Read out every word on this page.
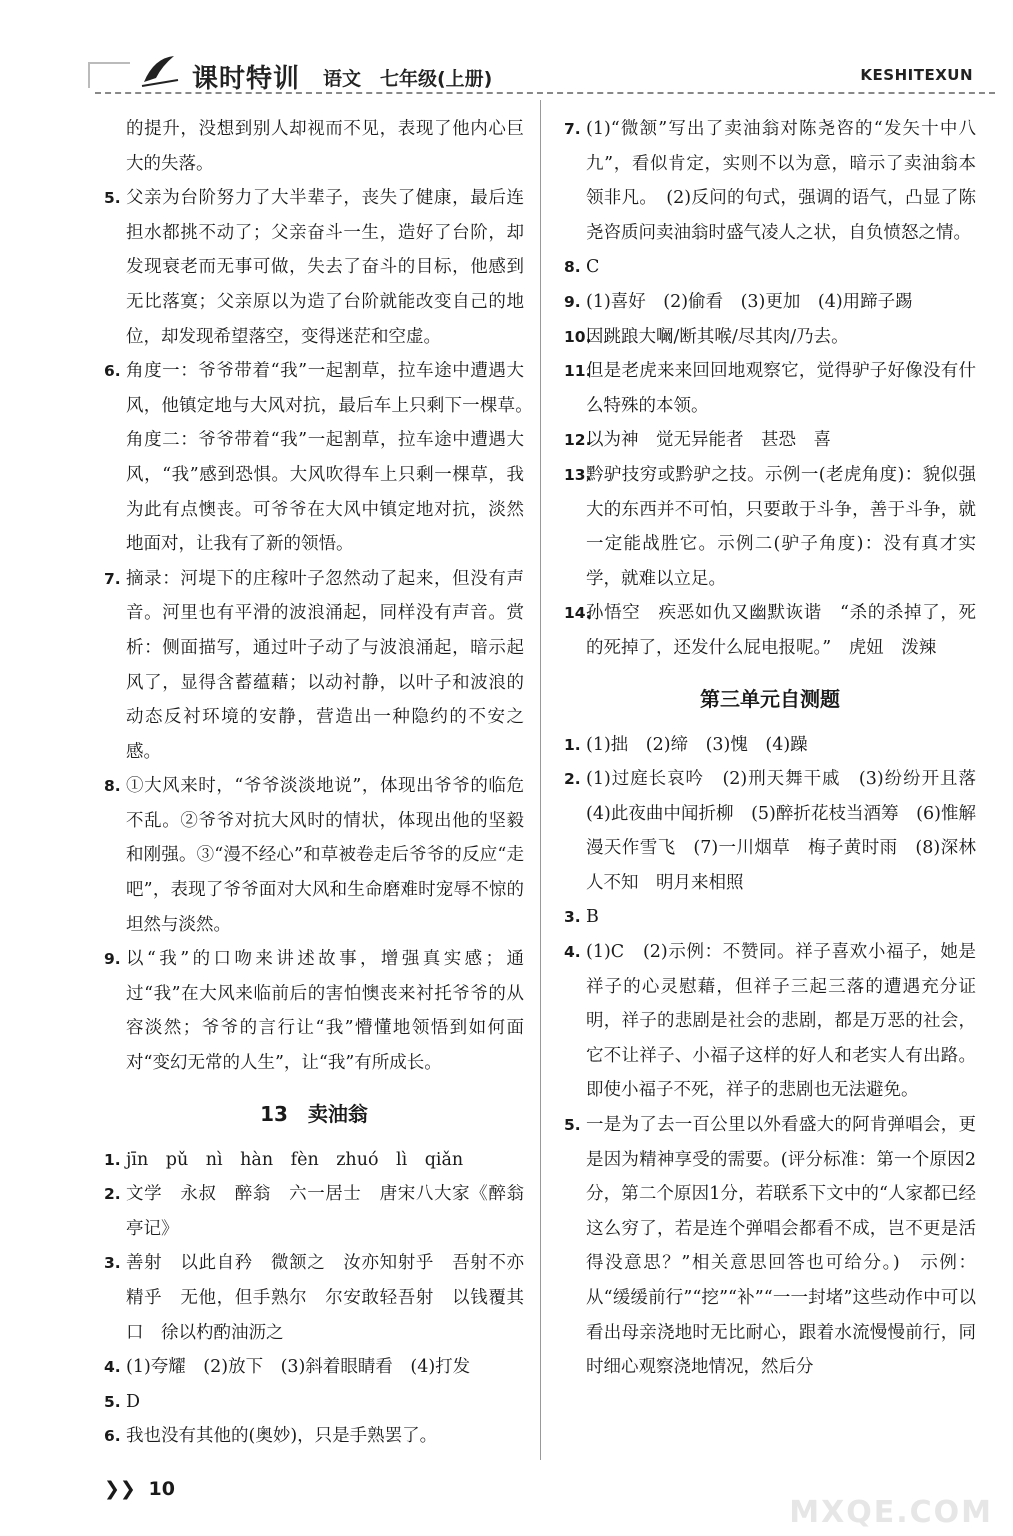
课时特训 语文　七年级(上册)	KESHITEXUN
的提升，没想到别人却视而不见，表现了他内心巨大的失落。
5. 父亲为台阶努力了大半辈子，丧失了健康，最后连担水都挑不动了；父亲奋斗一生，造好了台阶，却发现衰老而无事可做，失去了奋斗的目标，他感到无比落寞；父亲原以为造了台阶就能改变自己的地位，却发现希望落空，变得迷茫和空虚。
6. 角度一：爷爷带着“我”一起割草，拉车途中遭遇大风，他镇定地与大风对抗，最后车上只剩下一棵草。　角度二：爷爷带着“我”一起割草，拉车途中遭遇大风，“我”感到恐惧。大风吹得车上只剩一棵草，我为此有点懊丧。可爷爷在大风中镇定地对抗，淡然地面对，让我有了新的领悟。
7. 摘录：河堤下的庄稼叶子忽然动了起来，但没有声音。河里也有平滑的波浪涌起，同样没有声音。赏析：侧面描写，通过叶子动了与波浪涌起，暗示起风了，显得含蓄蕴藉；以动衬静，以叶子和波浪的动态反衬环境的安静，营造出一种隐约的不安之感。
8. ①大风来时，“爷爷淡淡地说”，体现出爷爷的临危不乱。②爷爷对抗大风时的情状，体现出他的坚毅和刚强。③“漫不经心”和草被卷走后爷爷的反应“走吧”，表现了爷爷面对大风和生命磨难时宠辱不惊的坦然与淡然。
9. 以“我”的口吻来讲述故事，增强真实感；通过“我”在大风来临前后的害怕懊丧来衬托爷爷的从容淡然；爷爷的言行让“我”懵懂地领悟到如何面对“变幻无常的人生”，让“我”有所成长。
13　卖油翁
1. jīn　pǔ　nì　hàn　fèn　zhuó　lì　qiǎn
2. 文学　永叔　醉翁　六一居士　唐宋八大家《醉翁亭记》
3. 善射　以此自矜　微颔之　汝亦知射乎　吾射不亦精乎　无他，但手熟尔　尔安敢轻吾射　以钱覆其口　徐以杓酌油沥之
4. (1)夸耀　(2)放下　(3)斜着眼睛看　(4)打发
5. D
6. 我也没有其他的(奥妙)，只是手熟罢了。
7. (1)“微颔”写出了卖油翁对陈尧咨的“发矢十中八九”，看似肯定，实则不以为意，暗示了卖油翁本领非凡。　(2)反问的句式，强调的语气，凸显了陈尧咨质问卖油翁时盛气凌人之状，自负愤怒之情。
8. C
9. (1)喜好　(2)偷看　(3)更加　(4)用蹄子踢
10.
因跳踉大㘎/断其喉/尽其肉/乃去。
11.
但是老虎来来回回地观察它，觉得驴子好像没有什么特殊的本领。
12.
以为神　觉无异能者　甚恐　喜
13.
黔驴技穷或黔驴之技。示例一(老虎角度)：貌似强大的东西并不可怕，只要敢于斗争，善于斗争，就一定能战胜它。示例二(驴子角度)：没有真才实学，就难以立足。
14.
孙悟空　疾恶如仇又幽默诙谐　“杀的杀掉了，死的死掉了，还发什么屁电报呢。”　虎妞　泼辣
第三单元自测题
1. (1)拙　(2)缔　(3)愧　(4)躁
2. (1)过庭长哀吟　(2)刑天舞干戚　(3)纷纷开且落　(4)此夜曲中闻折柳　(5)醉折花枝当酒筹　(6)惟解漫天作雪飞　(7)一川烟草　梅子黄时雨　(8)深林人不知　明月来相照
3. B
4. (1)C　(2)示例：不赞同。祥子喜欢小福子，她是祥子的心灵慰藉，但祥子三起三落的遭遇充分证明，祥子的悲剧是社会的悲剧，都是万恶的社会，它不让祥子、小福子这样的好人和老实人有出路。即使小福子不死，祥子的悲剧也无法避免。
5. 一是为了去一百公里以外看盛大的阿肯弹唱会，更是因为精神享受的需要。(评分标准：第一个原因2分，第二个原因1分，若联系下文中的“人家都已经这么穷了，若是连个弹唱会都看不成，岂不更是活得没意思？”相关意思回答也可给分。)　示例：从“缓缓前行”“挖”“补”“一一封堵”这些动作中可以看出母亲浇地时无比耐心，跟着水流慢慢前行，同时细心观察浇地情况，然后分
❯❯ 10
MXQE.COM
